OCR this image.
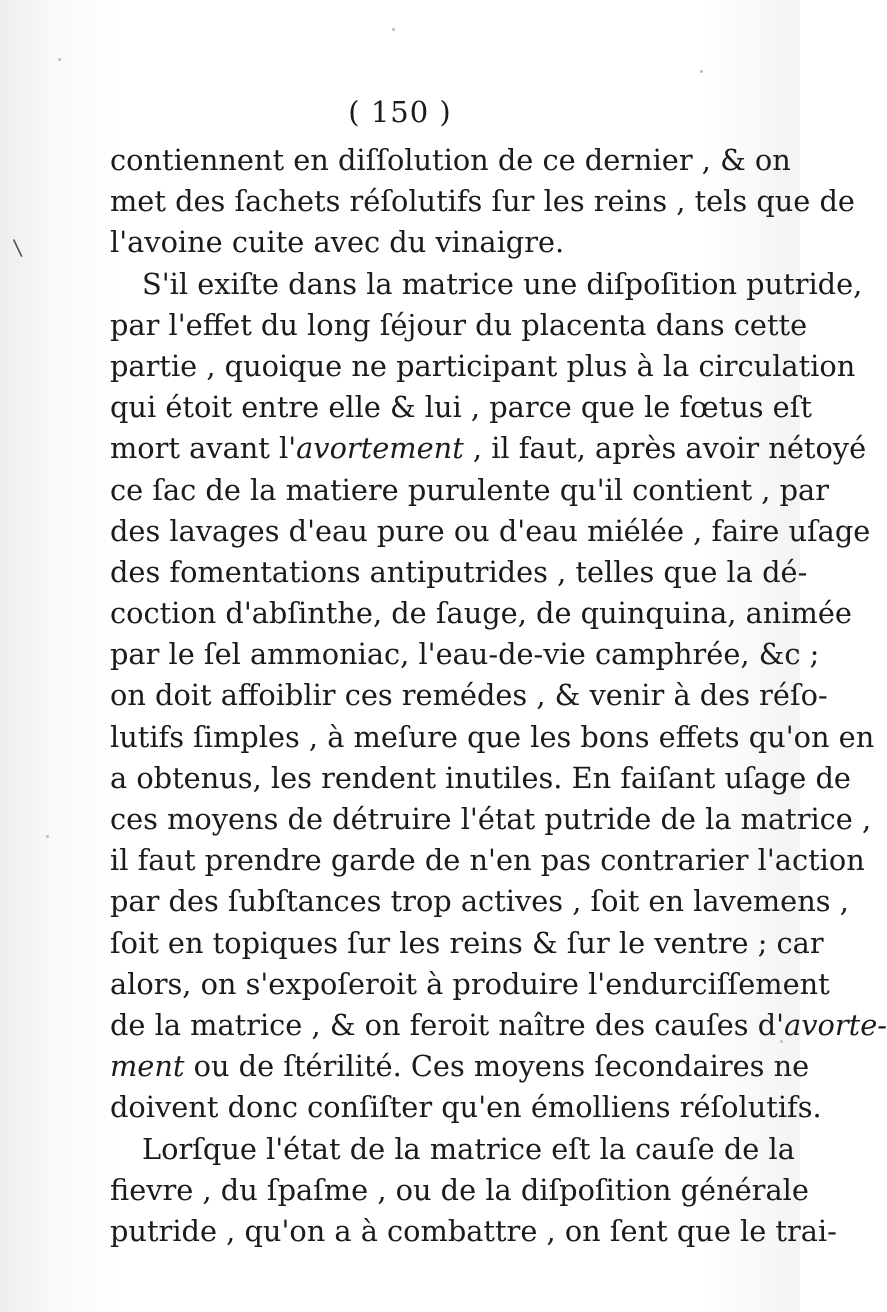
\
( 150 )
contiennent en diſſolution de ce dernier , & on
met des ſachets réſolutifs ſur les reins , tels que de
l'avoine cuite avec du vinaigre.
S'il exiſte dans la matrice une diſpoſition putride,
par l'effet du long ſéjour du placenta dans cette
partie , quoique ne participant plus à la circulation
qui étoit entre elle & lui , parce que le fœtus eſt
mort avant l'avortement , il faut, après avoir nétoyé
ce ſac de la matiere purulente qu'il contient , par
des lavages d'eau pure ou d'eau miélée , faire uſage
des fomentations antiputrides , telles que la dé-
coction d'abſinthe, de ſauge, de quinquina, animée
par le ſel ammoniac, l'eau-de-vie camphrée, &c ;
on doit affoiblir ces remédes , & venir à des réſo-
lutifs ſimples , à meſure que les bons effets qu'on en
a obtenus, les rendent inutiles. En faiſant uſage de
ces moyens de détruire l'état putride de la matrice ,
il faut prendre garde de n'en pas contrarier l'action
par des ſubſtances trop actives , ſoit en lavemens ,
ſoit en topiques ſur les reins & ſur le ventre ; car
alors, on s'expoſeroit à produire l'endurciſſement
de la matrice , & on feroit naître des cauſes d'avorte-
ment ou de ſtérilité. Ces moyens ſecondaires ne
doivent donc conſiſter qu'en émolliens réſolutifs.
Lorſque l'état de la matrice eſt la cauſe de la
fievre , du ſpaſme , ou de la diſpoſition générale
putride , qu'on a à combattre , on ſent que le trai-
